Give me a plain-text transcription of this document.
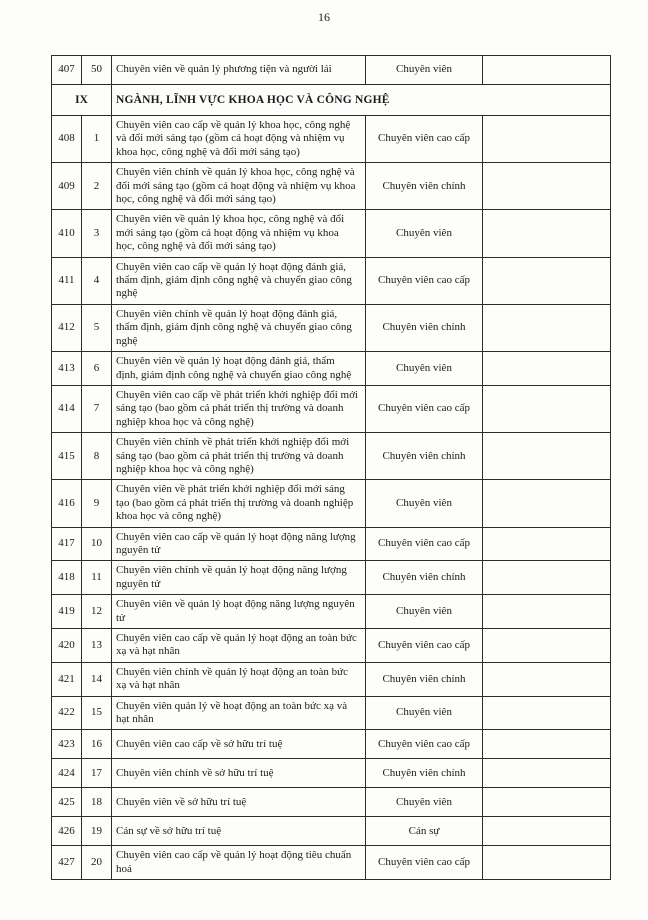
16
407	50	Chuyên viên về quản lý phương tiện và người lái	Chuyên viên	
IX		NGÀNH, LĨNH VỰC KHOA HỌC VÀ CÔNG NGHỆ		
408	1	Chuyên viên cao cấp về quản lý khoa học, công nghệ và đổi mới sáng tạo (gồm cả hoạt động và nhiệm vụ khoa học, công nghệ và đổi mới sáng tạo)	Chuyên viên cao cấp	
409	2	Chuyên viên chính về quản lý khoa học, công nghệ và đổi mới sáng tạo (gồm cả hoạt động và nhiệm vụ khoa học, công nghệ và đổi mới sáng tạo)	Chuyên viên chính	
410	3	Chuyên viên về quản lý khoa học, công nghệ và đổi mới sáng tạo (gồm cả hoạt động và nhiệm vụ khoa học, công nghệ và đổi mới sáng tạo)	Chuyên viên	
411	4	Chuyên viên cao cấp về quản lý hoạt động đánh giá, thẩm định, giám định công nghệ và chuyển giao công nghệ	Chuyên viên cao cấp	
412	5	Chuyên viên chính về quản lý hoạt động đánh giá, thẩm định, giám định công nghệ và chuyển giao công nghệ	Chuyên viên chính	
413	6	Chuyên viên về quản lý hoạt động đánh giá, thẩm định, giám định công nghệ và chuyển giao công nghệ	Chuyên viên	
414	7	Chuyên viên cao cấp về phát triển khởi nghiệp đổi mới sáng tạo (bao gồm cả phát triển thị trường và doanh nghiệp khoa học và công nghệ)	Chuyên viên cao cấp	
415	8	Chuyên viên chính về phát triển khởi nghiệp đổi mới sáng tạo (bao gồm cả phát triển thị trường và doanh nghiệp khoa học và công nghệ)	Chuyên viên chính	
416	9	Chuyên viên về phát triển khởi nghiệp đổi mới sáng tạo (bao gồm cả phát triển thị trường và doanh nghiệp khoa học và công nghệ)	Chuyên viên	
417	10	Chuyên viên cao cấp về quản lý hoạt động năng lượng nguyên tử	Chuyên viên cao cấp	
418	11	Chuyên viên chính về quản lý hoạt động năng lượng nguyên tử	Chuyên viên chính	
419	12	Chuyên viên về quản lý hoạt động năng lượng nguyên tử	Chuyên viên	
420	13	Chuyên viên cao cấp về quản lý hoạt động an toàn bức xạ và hạt nhân	Chuyên viên cao cấp	
421	14	Chuyên viên chính về quản lý hoạt động an toàn bức xạ và hạt nhân	Chuyên viên chính	
422	15	Chuyên viên quản lý về hoạt động an toàn bức xạ và hạt nhân	Chuyên viên	
423	16	Chuyên viên cao cấp về sở hữu trí tuệ	Chuyên viên cao cấp	
424	17	Chuyên viên chính về sở hữu trí tuệ	Chuyên viên chính	
425	18	Chuyên viên về sở hữu trí tuệ	Chuyên viên	
426	19	Cán sự về sở hữu trí tuệ	Cán sự	
427	20	Chuyên viên cao cấp về quản lý hoạt động tiêu chuẩn hoá	Chuyên viên cao cấp	
